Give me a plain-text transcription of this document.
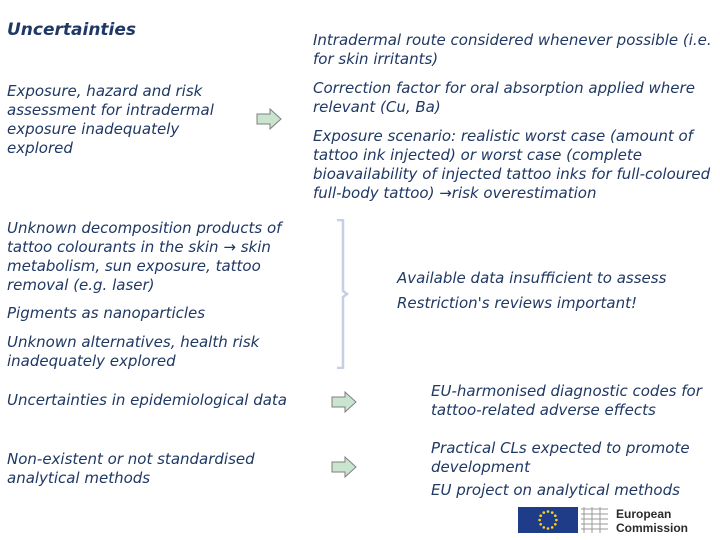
Uncertainties

Exposure, hazard and risk assessment for intradermal exposure inadequately explored

Unknown decomposition products of tattoo colourants in the skin → skin metabolism, sun exposure, tattoo removal (e.g. laser)

Pigments as nanoparticles

Unknown alternatives, health risk inadequately explored

Uncertainties in epidemiological data

Non-existent or not standardised analytical methods

Intradermal route considered whenever possible (i.e. for skin irritants)

Correction factor for oral absorption applied where relevant (Cu, Ba)

Exposure scenario: realistic worst case (amount of tattoo ink injected) or worst case (complete bioavailability of injected tattoo inks for full-coloured full-body tattoo) →risk overestimation

Available data insufficient to assess

Restriction's reviews important!

EU-harmonised diagnostic codes for tattoo-related adverse effects

Practical CLs expected to promote development

EU project on analytical methods

European
Commission
